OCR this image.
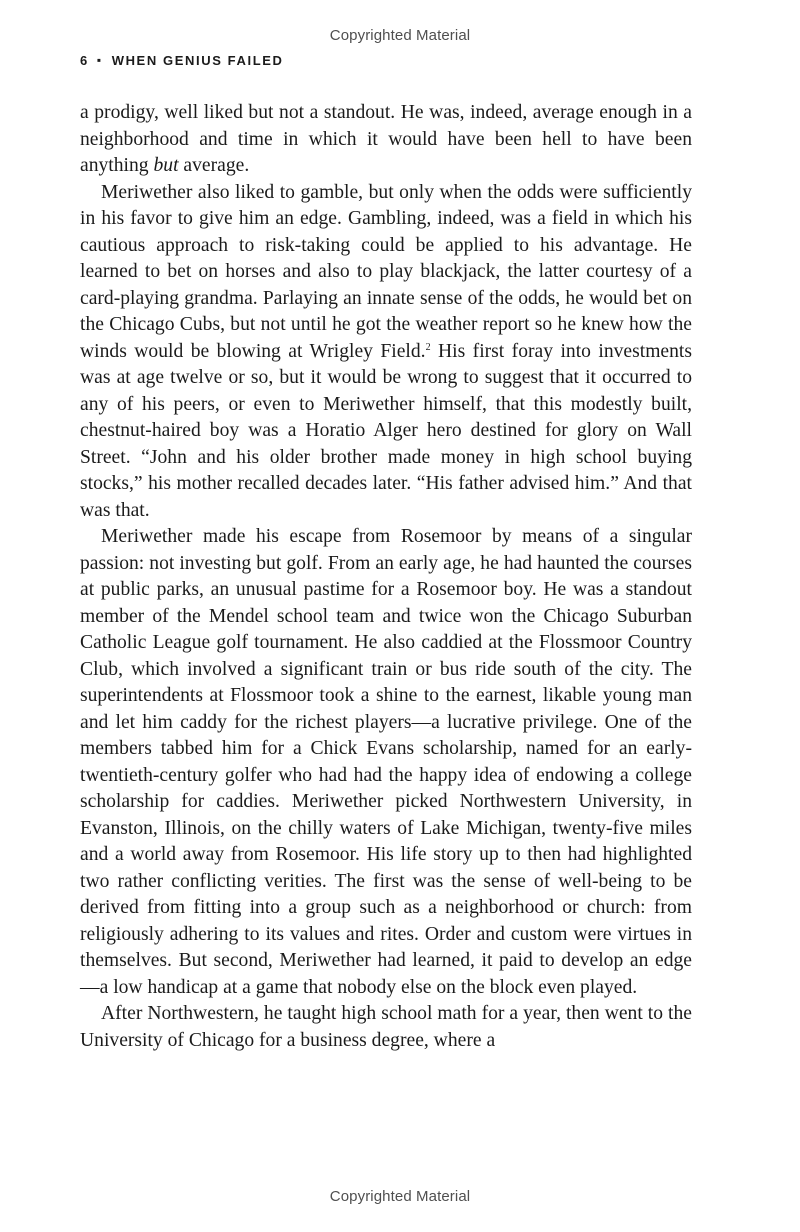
Copyrighted Material
6 ▪ WHEN GENIUS FAILED

a prodigy, well liked but not a standout. He was, indeed, average enough in a neighborhood and time in which it would have been hell to have been anything but average.

Meriwether also liked to gamble, but only when the odds were sufficiently in his favor to give him an edge. Gambling, indeed, was a field in which his cautious approach to risk-taking could be applied to his advantage. He learned to bet on horses and also to play blackjack, the latter courtesy of a card-playing grandma. Parlaying an innate sense of the odds, he would bet on the Chicago Cubs, but not until he got the weather report so he knew how the winds would be blowing at Wrigley Field.$^2$ His first foray into investments was at age twelve or so, but it would be wrong to suggest that it occurred to any of his peers, or even to Meriwether himself, that this modestly built, chestnut-haired boy was a Horatio Alger hero destined for glory on Wall Street. “John and his older brother made money in high school buying stocks,” his mother recalled decades later. “His father advised him.” And that was that.

Meriwether made his escape from Rosemoor by means of a singular passion: not investing but golf. From an early age, he had haunted the courses at public parks, an unusual pastime for a Rosemoor boy. He was a standout member of the Mendel school team and twice won the Chicago Suburban Catholic League golf tournament. He also caddied at the Flossmoor Country Club, which involved a significant train or bus ride south of the city. The superintendents at Flossmoor took a shine to the earnest, likable young man and let him caddy for the richest players—a lucrative privilege. One of the members tabbed him for a Chick Evans scholarship, named for an early-twentieth-century golfer who had had the happy idea of endowing a college scholarship for caddies. Meriwether picked Northwestern University, in Evanston, Illinois, on the chilly waters of Lake Michigan, twenty-five miles and a world away from Rosemoor. His life story up to then had highlighted two rather conflicting verities. The first was the sense of well-being to be derived from fitting into a group such as a neighborhood or church: from religiously adhering to its values and rites. Order and custom were virtues in themselves. But second, Meriwether had learned, it paid to develop an edge—a low handicap at a game that nobody else on the block even played.

After Northwestern, he taught high school math for a year, then went to the University of Chicago for a business degree, where a

Copyrighted Material
